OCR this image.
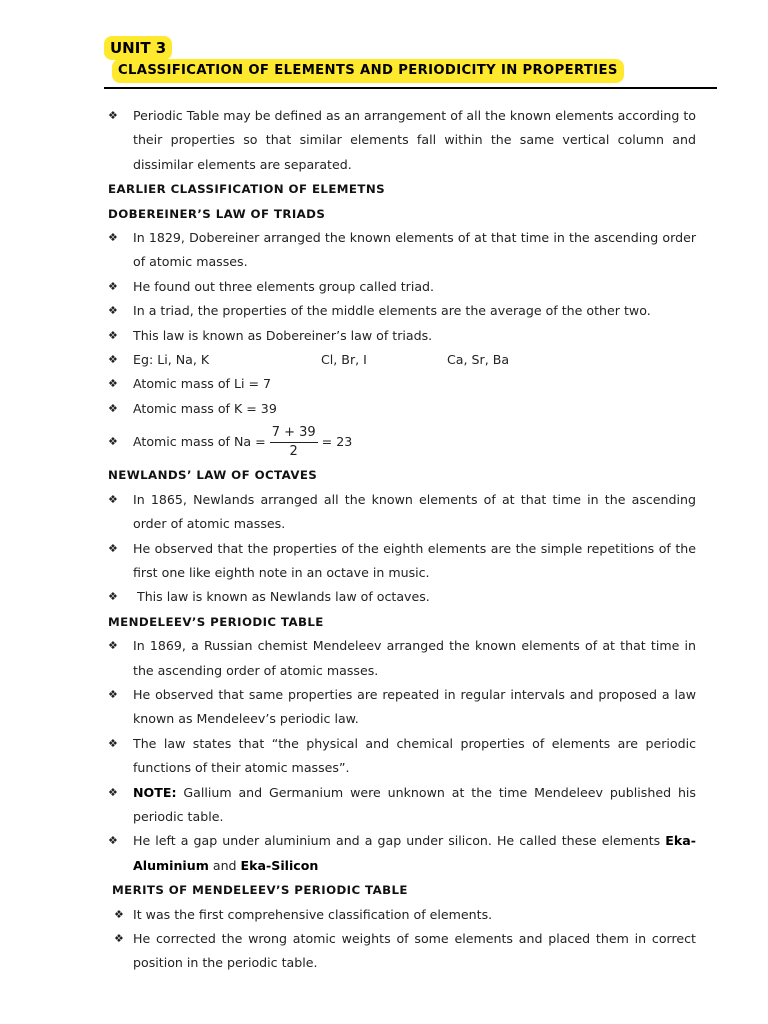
UNIT 3
CLASSIFICATION OF ELEMENTS AND PERIODICITY IN PROPERTIES
❖ Periodic Table may be defined as an arrangement of all the known elements according to their properties so that similar elements fall within the same vertical column and dissimilar elements are separated.
EARLIER CLASSIFICATION OF ELEMETNS
DOBEREINER’S LAW OF TRIADS
❖ In 1829, Dobereiner arranged the known elements of at that time in the ascending order of atomic masses.
❖ He found out three elements group called triad.
❖ In a triad, the properties of the middle elements are the average of the other two.
❖ This law is known as Dobereiner’s law of triads.
❖ Eg: Li, Na, K	Cl, Br, I	Ca, Sr, Ba
❖ Atomic mass of Li = 7
❖ Atomic mass of K = 39
❖ Atomic mass of $Na = \frac{7 + 39}{2} = 23$
NEWLANDS’ LAW OF OCTAVES
❖ In 1865, Newlands arranged all the known elements of at that time in the ascending order of atomic masses.
❖ He observed that the properties of the eighth elements are the simple repetitions of the first one like eighth note in an octave in music.
❖ This law is known as Newlands law of octaves.
MENDELEEV’S PERIODIC TABLE
❖ In 1869, a Russian chemist Mendeleev arranged the known elements of at that time in the ascending order of atomic masses.
❖ He observed that same properties are repeated in regular intervals and proposed a law known as Mendeleev’s periodic law.
❖ The law states that “the physical and chemical properties of elements are periodic functions of their atomic masses”.
❖ NOTE: Gallium and Germanium were unknown at the time Mendeleev published his periodic table.
❖ He left a gap under aluminium and a gap under silicon. He called these elements Eka-Aluminium and Eka-Silicon
MERITS OF MENDELEEV’S PERIODIC TABLE
❖ It was the first comprehensive classification of elements.
❖ He corrected the wrong atomic weights of some elements and placed them in correct position in the periodic table.
